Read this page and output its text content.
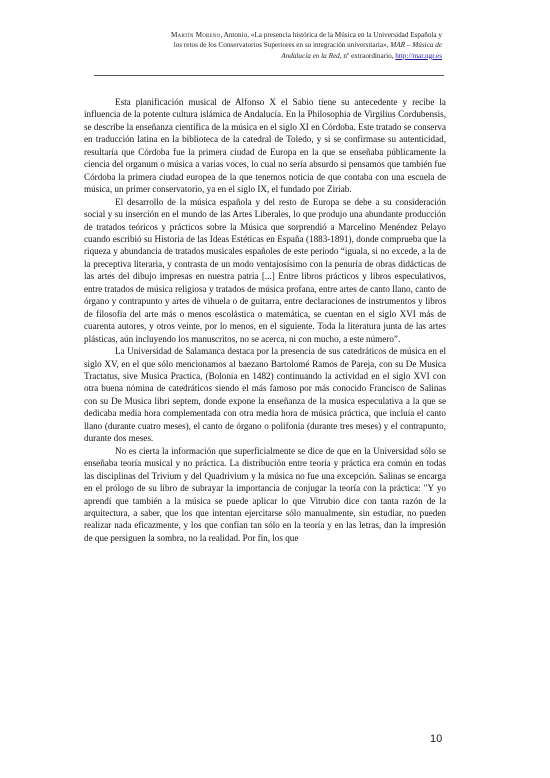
Martín Moreno, Antonio, «La presencia histórica de la Música en la Universidad Española y
los retos de los Conservatorios Superiores en su integración universitaria», MAR – Música de
Andalucía en la Red, nº extraordinario, http://mar.ugr.es

Esta planificación musical de Alfonso X el Sabio tiene su antecedente y recibe la influencia de la potente cultura islámica de Andalucía. En la Philosophia de Virgilius Cordubensis, se describe la enseñanza científica de la música en el siglo XI en Córdoba. Este tratado se conserva en traducción latina en la biblioteca de la catedral de Toledo, y si se confirmase su autenticidad, resultaría que Córdoba fue la primera ciudad de Europa en la que se enseñaba públicamente la ciencia del organum o música a varias voces, lo cual no sería absurdo si pensamos que también fue Córdoba la primera ciudad europea de la que tenemos noticia de que contaba con una escuela de música, un primer conservatorio, ya en el siglo IX, el fundado por Ziriab.

El desarrollo de la música española y del resto de Europa se debe a su consideración social y su inserción en el mundo de las Artes Liberales, lo que produjo una abundante producción de tratados teóricos y prácticos sobre la Música que sorprendió a Marcelino Menéndez Pelayo cuando escribió su Historia de las Ideas Estéticas en España (1883-1891), donde comprueba que la riqueza y abundancia de tratados musicales españoles de este periodo “iguala, si no excede, a la de la preceptiva literaria, y contrasta de un modo ventajosísimo con la penuria de obras didácticas de las artes del dibujo impresas en nuestra patria [...] Entre libros prácticos y libros especulativos, entre tratados de música religiosa y tratados de música profana, entre artes de canto llano, canto de órgano y contrapunto y artes de vihuela o de guitarra, entre declaraciones de instrumentos y libros de filosofía del arte más o menos escolástica o matemática, se cuentan en el siglo XVI más de cuarenta autores, y otros veinte, por lo menos, en el siguiente. Toda la literatura junta de las artes plásticas, aún incluyendo los manuscritos, no se acerca, ni con mucho, a este número”.

La Universidad de Salamanca destaca por la presencia de sus catedráticos de música en el siglo XV, en el que sólo mencionamos al baezano Bartolomé Ramos de Pareja, con su De Musica Tractatus, sive Musica Practica, (Bolonia en 1482) continuando la actividad en el siglo XVI con otra buena nómina de catedráticos siendo el más famoso por más conocido Francisco de Salinas con su De Musica libri septem, donde expone la enseñanza de la musica especulativa a la que se dedicaba media hora complementada con otra media hora de música práctica, que incluía el canto llano (durante cuatro meses), el canto de órgano o polifonía (durante tres meses) y el contrapunto, durante dos meses.

No es cierta la información que superficialmente se dice de que en la Universidad sólo se enseñaba teoría musical y no práctica. La distribución entre teoría y práctica era común en todas las disciplinas del Trivium y del Quadrivium y la música no fue una excepción. Salinas se encarga en el prólogo de su libro de subrayar la importancia de conjugar la teoría con la práctica: "Y yo aprendí que también a la música se puede aplicar lo que Vitrubio dice con tanta razón de la arquitectura, a saber, que los que intentan ejercitarse sólo manualmente, sin estudiar, no pueden realizar nada eficazmente, y los que confían tan sólo en la teoría y en las letras, dan la impresión de que persiguen la sombra, no la realidad. Por fin, los que

10
